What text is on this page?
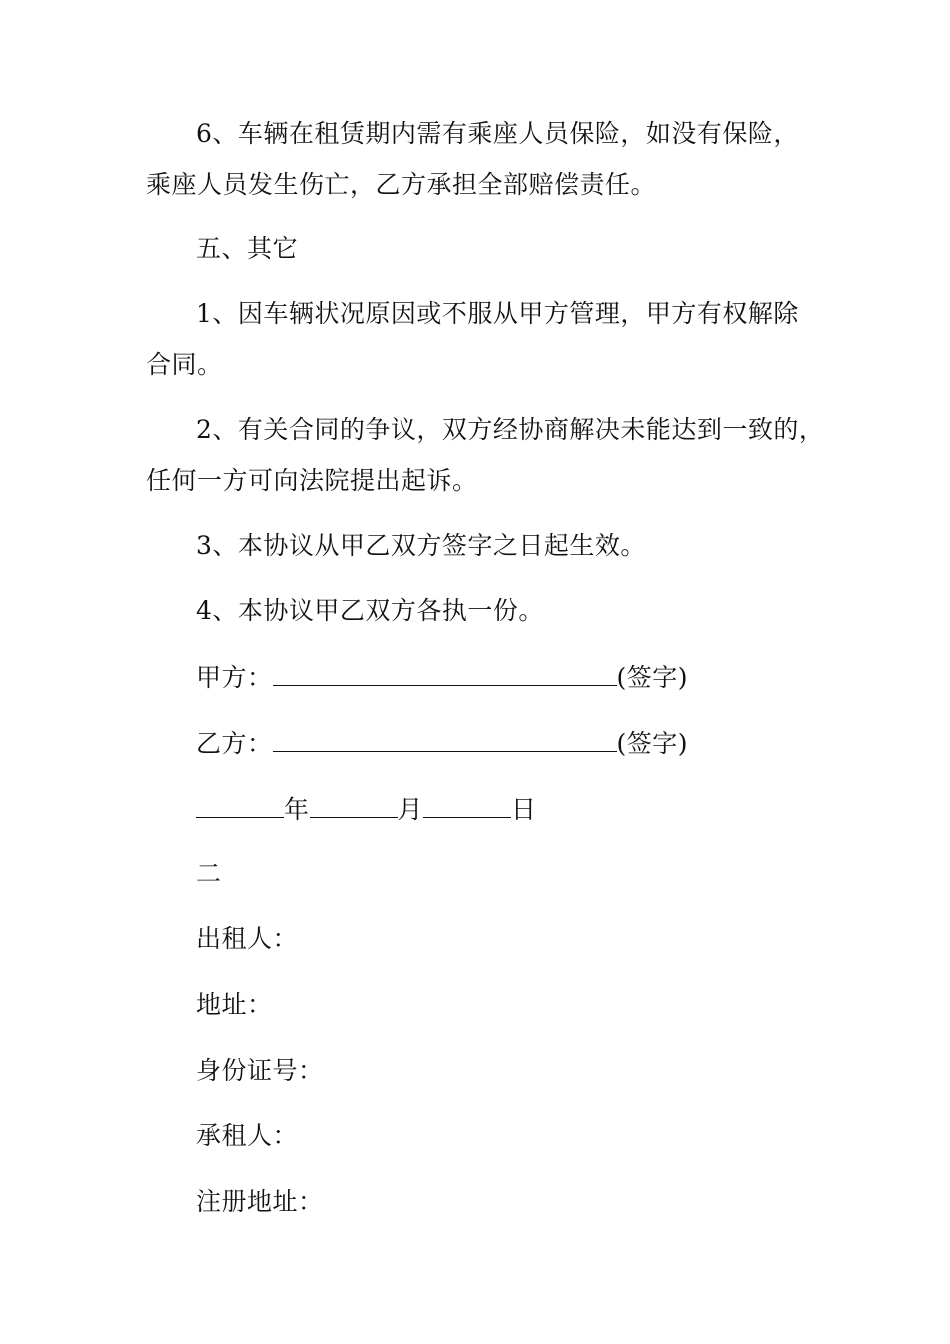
6、车辆在租赁期内需有乘座人员保险，如没有保险，
乘座人员发生伤亡，乙方承担全部赔偿责任。
五、其它
1、因车辆状况原因或不服从甲方管理，甲方有权解除
合同。
2、有关合同的争议，双方经协商解决未能达到一致的，
任何一方可向法院提出起诉。
3、本协议从甲乙双方签字之日起生效。
4、本协议甲乙双方各执一份。
甲方：	(签字)
乙方：	(签字)
年	月	日
二
出租人：
地址：
身份证号：
承租人：
注册地址：
